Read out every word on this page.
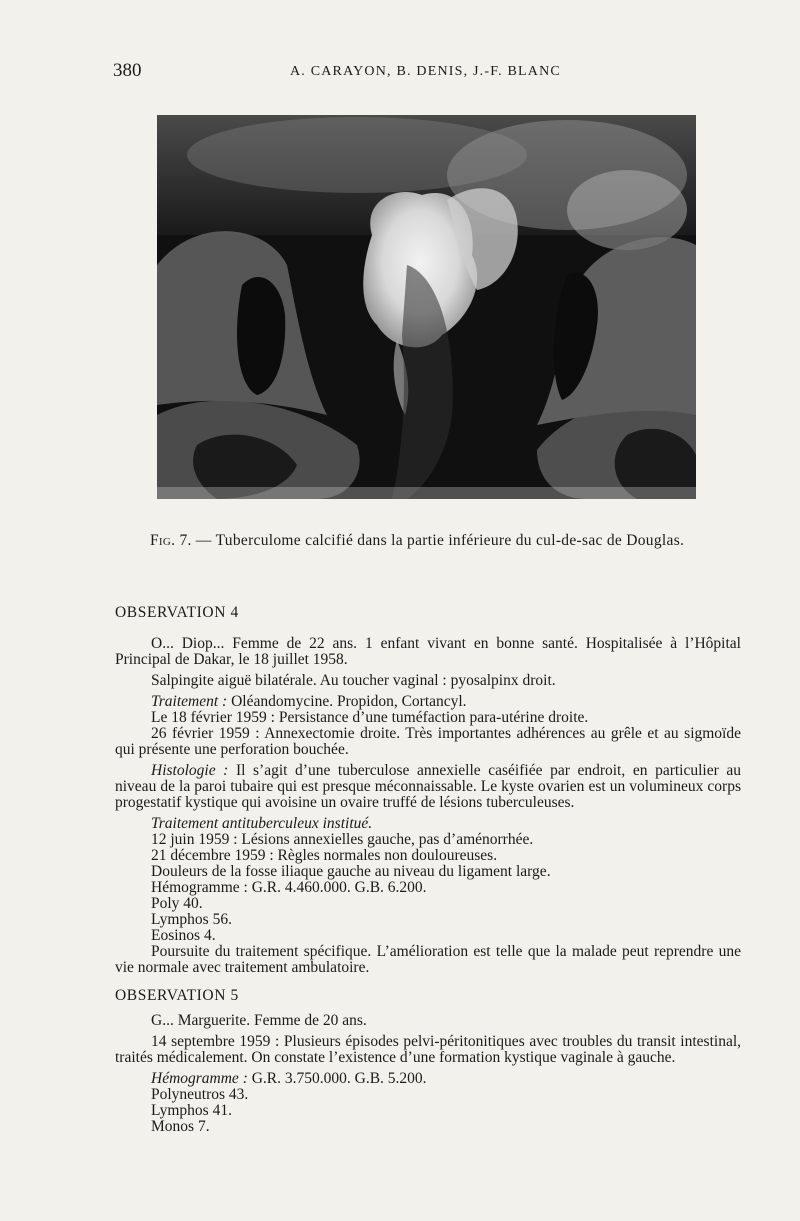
380	A. CARAYON, B. DENIS, J.-F. BLANC
Fig. 7. — Tuberculome calcifié dans la partie inférieure du cul-de-sac de Douglas.
OBSERVATION 4

O... Diop... Femme de 22 ans. 1 enfant vivant en bonne santé. Hospitalisée à l’Hôpital Principal de Dakar, le 18 juillet 1958.

Salpingite aiguë bilatérale. Au toucher vaginal : pyosalpinx droit.

Traitement : Oléandomycine. Propidon, Cortancyl.

Le 18 février 1959 : Persistance d’une tuméfaction para-utérine droite.

26 février 1959 : Annexectomie droite. Très importantes adhérences au grêle et au sigmoïde qui présente une perforation bouchée.

Histologie : Il s’agit d’une tuberculose annexielle caséifiée par endroit, en particulier au niveau de la paroi tubaire qui est presque méconnaissable. Le kyste ovarien est un volumineux corps progestatif kystique qui avoisine un ovaire truffé de lésions tuberculeuses.

Traitement antituberculeux institué.

12 juin 1959 : Lésions annexielles gauche, pas d’aménorrhée.

21 décembre 1959 : Règles normales non douloureuses.

Douleurs de la fosse iliaque gauche au niveau du ligament large.

Hémogramme : G.R. 4.460.000. G.B. 6.200.

Poly 40.

Lymphos 56.

Eosinos 4.

Poursuite du traitement spécifique. L’amélioration est telle que la malade peut reprendre une vie normale avec traitement ambulatoire.

OBSERVATION 5

G... Marguerite. Femme de 20 ans.

14 septembre 1959 : Plusieurs épisodes pelvi-péritonitiques avec troubles du transit intestinal, traités médicalement. On constate l’existence d’une formation kystique vaginale à gauche.

Hémogramme : G.R. 3.750.000. G.B. 5.200.

Polyneutros 43.

Lymphos 41.

Monos 7.
